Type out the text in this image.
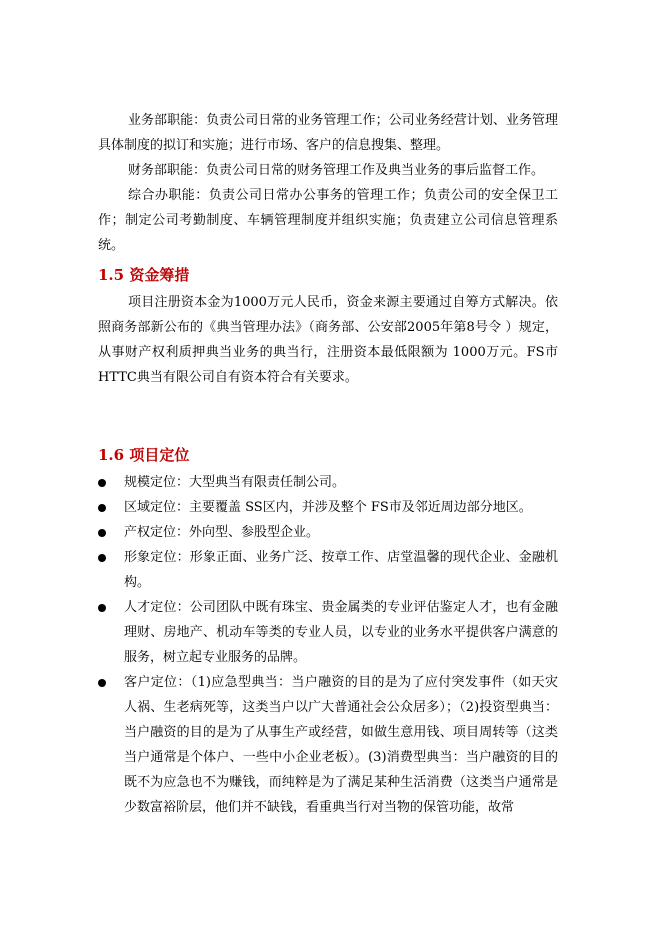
业务部职能：负责公司日常的业务管理工作；公司业务经营计划、业务管理具体制度的拟订和实施；进行市场、客户的信息搜集、整理。

财务部职能：负责公司日常的财务管理工作及典当业务的事后监督工作。

综合办职能：负责公司日常办公事务的管理工作；负责公司的安全保卫工作；制定公司考勤制度、车辆管理制度并组织实施；负责建立公司信息管理系统。

1.5 资金筹措

项目注册资本金为1000万元人民币，资金来源主要通过自筹方式解决。依照商务部新公布的《典当管理办法》（商务部、公安部2005年第8号令 ）规定，从事财产权利质押典当业务的典当行，注册资本最低限额为 1000万元。FS市HTTC典当有限公司自有资本符合有关要求。

1.6 项目定位
规模定位：大型典当有限责任制公司。
区域定位：主要覆盖 SS区内，并涉及整个 FS市及邻近周边部分地区。
产权定位：外向型、参股型企业。
形象定位：形象正面、业务广泛、按章工作、店堂温馨的现代企业、金融机构。
人才定位：公司团队中既有珠宝、贵金属类的专业评估鉴定人才，也有金融理财、房地产、机动车等类的专业人员，以专业的业务水平提供客户满意的服务，树立起专业服务的品牌。
客户定位：（1)应急型典当：当户融资的目的是为了应付突发事件（如天灾人祸、生老病死等，这类当户以广大普通社会公众居多）；（2)投资型典当：当户融资的目的是为了从事生产或经营，如做生意用钱、项目周转等（这类当户通常是个体户、一些中小企业老板）。(3)消费型典当：当户融资的目的既不为应急也不为赚钱，而纯粹是为了满足某种生活消费（这类当户通常是少数富裕阶层，他们并不缺钱，看重典当行对当物的保管功能，故常
